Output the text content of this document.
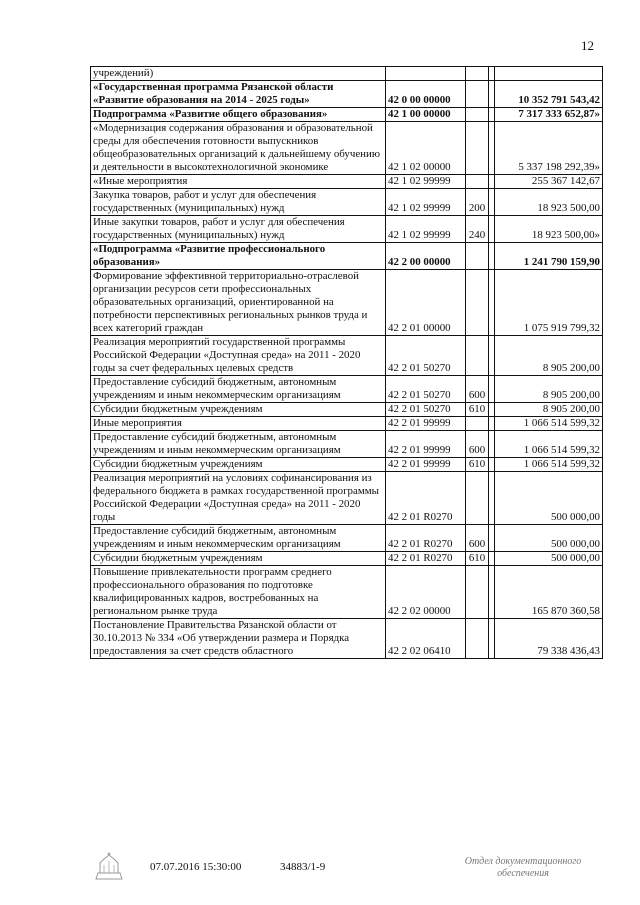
12
учреждений)				
«Государственная программа Рязанской области «Развитие образования на 2014 - 2025 годы»	42 0 00 00000			10 352 791 543,42
Подпрограмма «Развитие общего образования»	42 1 00 00000			7 317 333 652,87»
«Модернизация содержания образования и образовательной среды для обеспечения готовности выпускников общеобразовательных организаций к дальнейшему обучению и деятельности в высокотехнологичной экономике	42 1 02 00000			5 337 198 292,39»
«Иные мероприятия	42 1 02 99999			255 367 142,67
Закупка товаров, работ и услуг для обеспечения государственных (муниципальных) нужд	42 1 02 99999	200		18 923 500,00
Иные закупки товаров, работ и услуг для обеспечения государственных (муниципальных) нужд	42 1 02 99999	240		18 923 500,00»
«Подпрограмма «Развитие профессионального образования»	42 2 00 00000			1 241 790 159,90
Формирование эффективной территориально-отраслевой организации ресурсов сети профессиональных образовательных организаций, ориентированной на потребности перспективных региональных рынков труда и всех категорий граждан	42 2 01 00000			1 075 919 799,32
Реализация мероприятий государственной программы Российской Федерации «Доступная среда» на 2011 - 2020 годы за счет федеральных целевых средств	42 2 01 50270			8 905 200,00
Предоставление субсидий бюджетным, автономным учреждениям и иным некоммерческим организациям	42 2 01 50270	600		8 905 200,00
Субсидии бюджетным учреждениям	42 2 01 50270	610		8 905 200,00
Иные мероприятия	42 2 01 99999			1 066 514 599,32
Предоставление субсидий бюджетным, автономным учреждениям и иным некоммерческим организациям	42 2 01 99999	600		1 066 514 599,32
Субсидии бюджетным учреждениям	42 2 01 99999	610		1 066 514 599,32
Реализация мероприятий на условиях софинансирования из федерального бюджета в рамках государственной программы Российской Федерации «Доступная среда» на 2011 - 2020 годы	42 2 01 R0270			500 000,00
Предоставление субсидий бюджетным, автономным учреждениям и иным некоммерческим организациям	42 2 01 R0270	600		500 000,00
Субсидии бюджетным учреждениям	42 2 01 R0270	610		500 000,00
Повышение привлекательности программ среднего профессионального образования по подготовке квалифицированных кадров, востребованных на региональном рынке труда	42 2 02 00000			165 870 360,58
Постановление Правительства Рязанской области от 30.10.2013 № 334 «Об утверждении размера и Порядка предоставления за счет средств областного	42 2 02 06410			79 338 436,43
07.07.2016 15:30:00	34883/1-9	Отдел документационного
обеспечения
